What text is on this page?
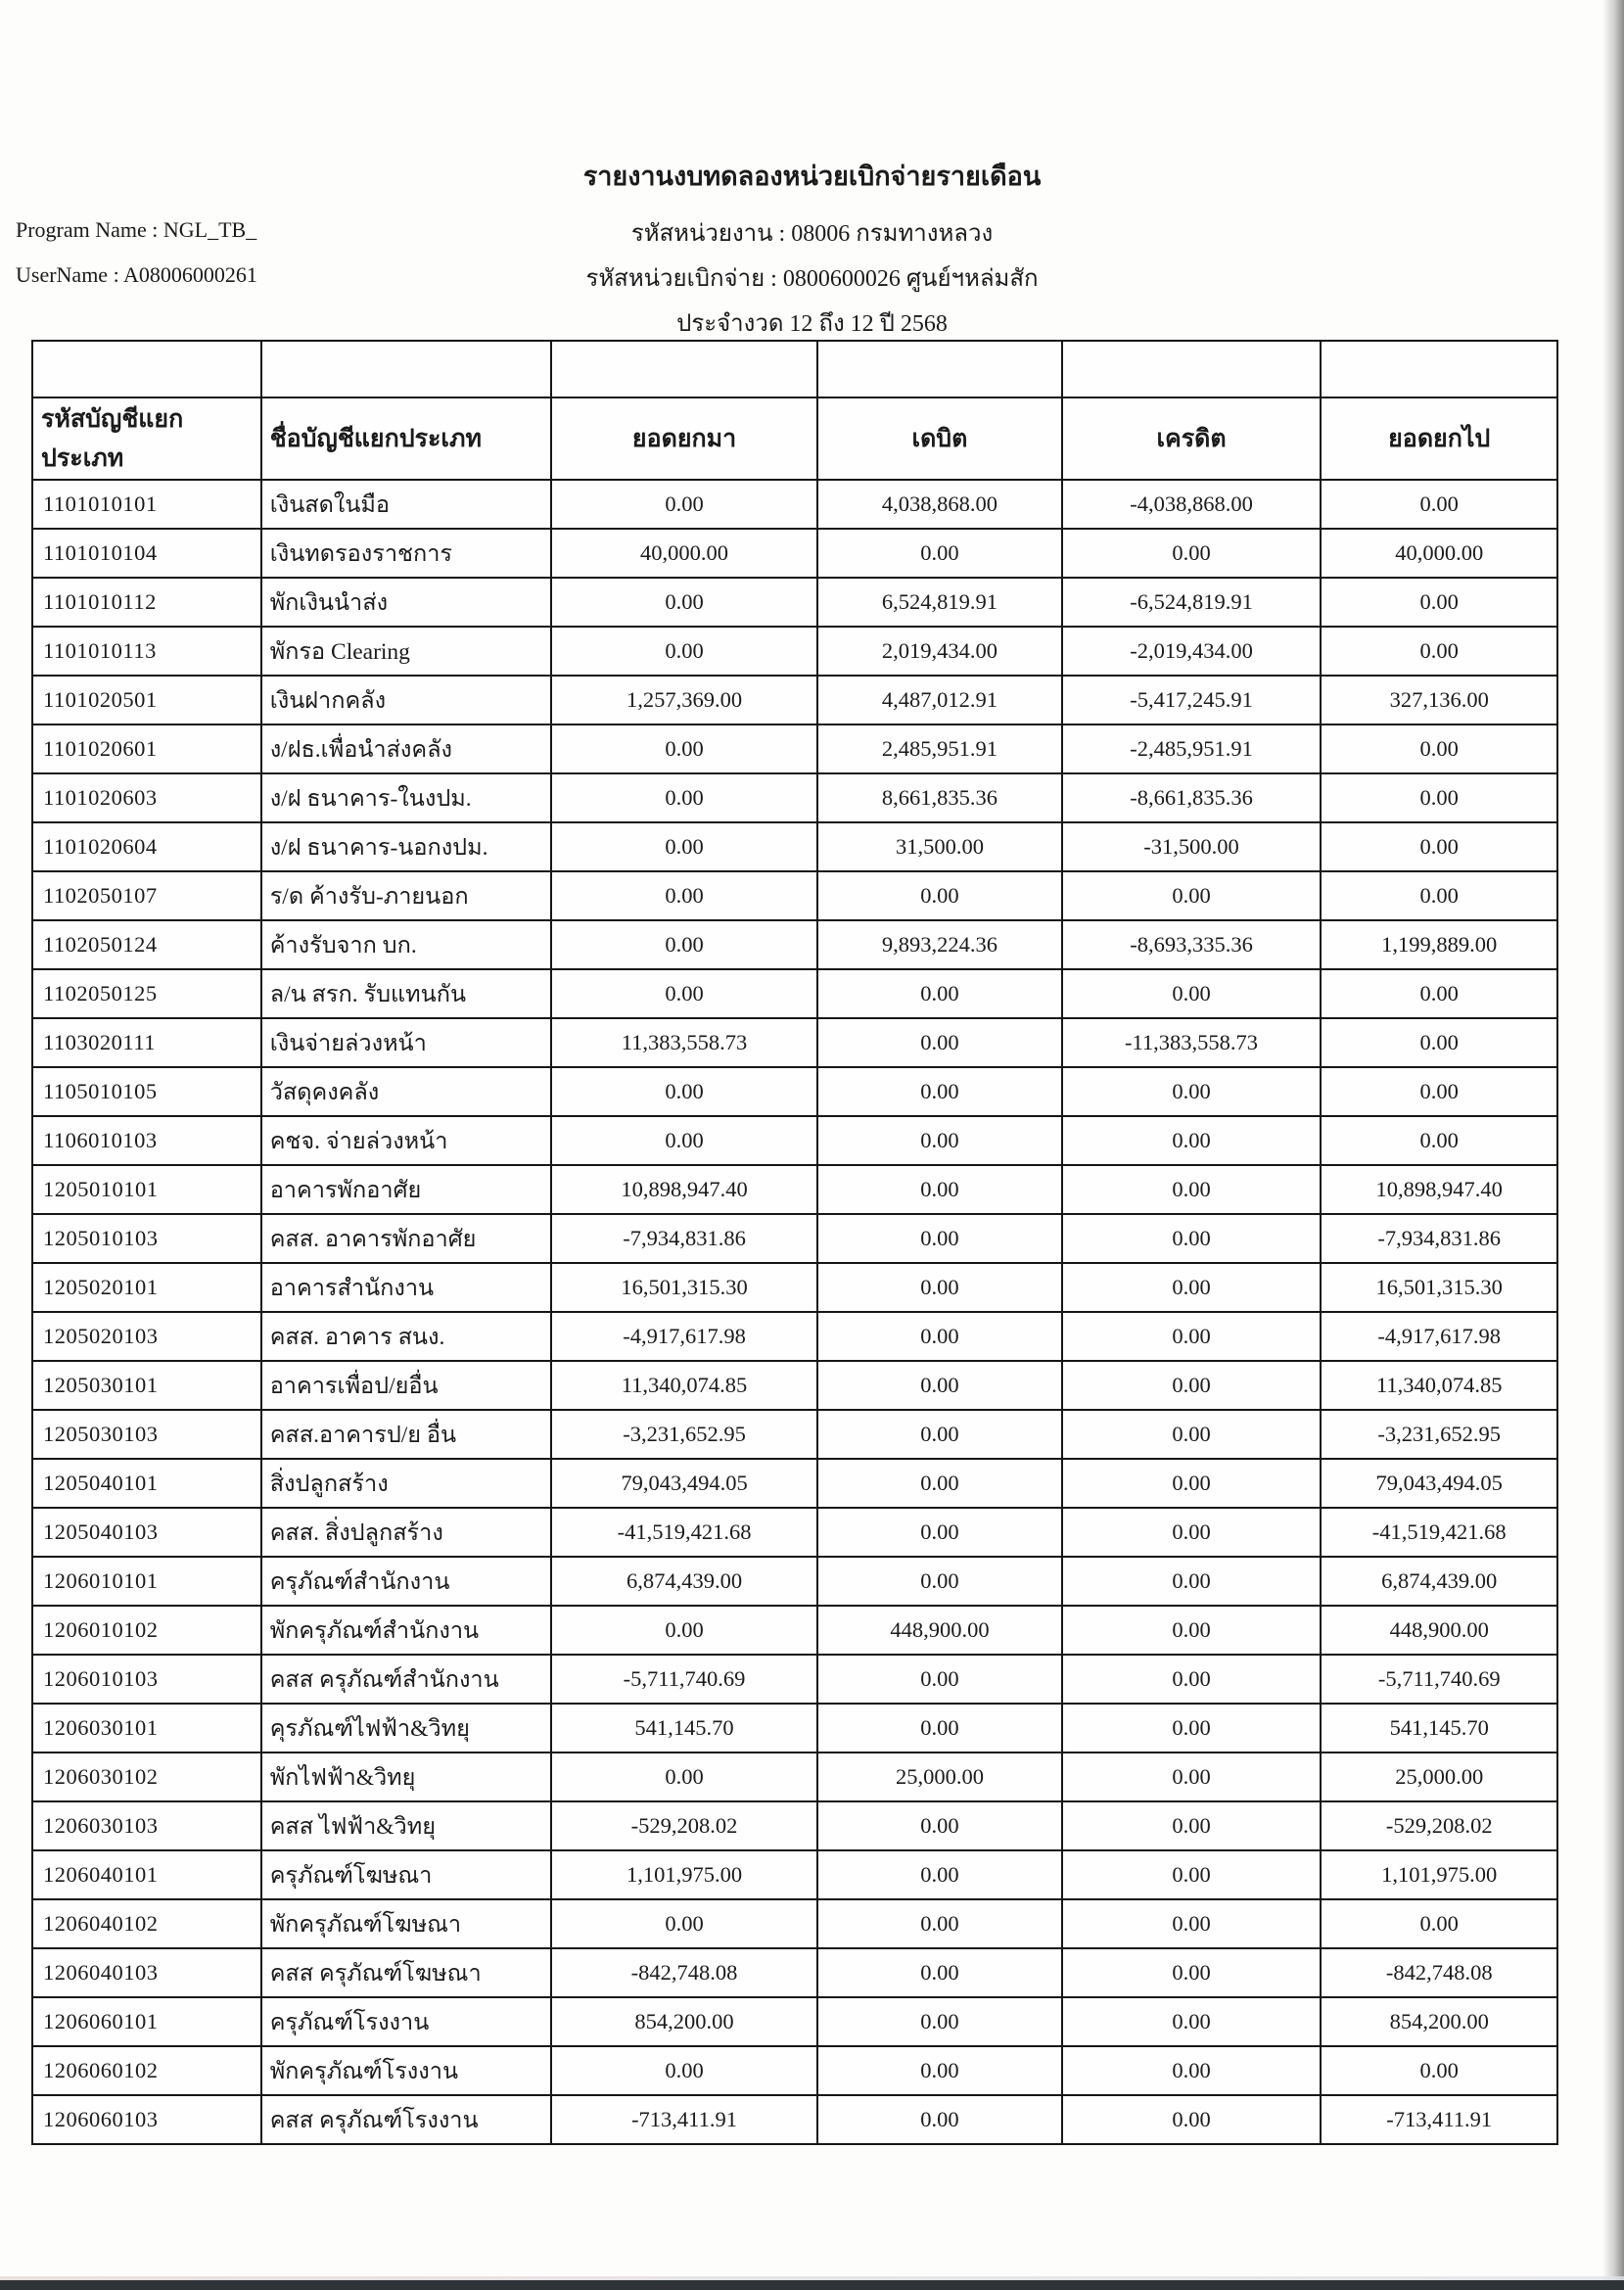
รายงานงบทดลองหน่วยเบิกจ่ายรายเดือน
Program Name : NGL_TB_	รหัสหน่วยงาน : 08006 กรมทางหลวง
UserName : A08006000261	รหัสหน่วยเบิกจ่าย : 0800600026 ศูนย์ฯหล่มสัก
ประจำงวด 12 ถึง 12 ปี 2568

รหัสบัญชีแยกประเภท	ชื่อบัญชีแยกประเภท	ยอดยกมา	เดบิต	เครดิต	ยอดยกไป
1101010101	เงินสดในมือ	0.00	4,038,868.00	-4,038,868.00	0.00
1101010104	เงินทดรองราชการ	40,000.00	0.00	0.00	40,000.00
1101010112	พักเงินนำส่ง	0.00	6,524,819.91	-6,524,819.91	0.00
1101010113	พักรอ Clearing	0.00	2,019,434.00	-2,019,434.00	0.00
1101020501	เงินฝากคลัง	1,257,369.00	4,487,012.91	-5,417,245.91	327,136.00
1101020601	ง/ฝธ.เพื่อนำส่งคลัง	0.00	2,485,951.91	-2,485,951.91	0.00
1101020603	ง/ฝ ธนาคาร-ในงปม.	0.00	8,661,835.36	-8,661,835.36	0.00
1101020604	ง/ฝ ธนาคาร-นอกงปม.	0.00	31,500.00	-31,500.00	0.00
1102050107	ร/ด ค้างรับ-ภายนอก	0.00	0.00	0.00	0.00
1102050124	ค้างรับจาก บก.	0.00	9,893,224.36	-8,693,335.36	1,199,889.00
1102050125	ล/น สรก. รับแทนกัน	0.00	0.00	0.00	0.00
1103020111	เงินจ่ายล่วงหน้า	11,383,558.73	0.00	-11,383,558.73	0.00
1105010105	วัสดุคงคลัง	0.00	0.00	0.00	0.00
1106010103	คชจ. จ่ายล่วงหน้า	0.00	0.00	0.00	0.00
1205010101	อาคารพักอาศัย	10,898,947.40	0.00	0.00	10,898,947.40
1205010103	คสส. อาคารพักอาศัย	-7,934,831.86	0.00	0.00	-7,934,831.86
1205020101	อาคารสำนักงาน	16,501,315.30	0.00	0.00	16,501,315.30
1205020103	คสส. อาคาร สนง.	-4,917,617.98	0.00	0.00	-4,917,617.98
1205030101	อาคารเพื่อป/ยอื่น	11,340,074.85	0.00	0.00	11,340,074.85
1205030103	คสส.อาคารป/ย อื่น	-3,231,652.95	0.00	0.00	-3,231,652.95
1205040101	สิ่งปลูกสร้าง	79,043,494.05	0.00	0.00	79,043,494.05
1205040103	คสส. สิ่งปลูกสร้าง	-41,519,421.68	0.00	0.00	-41,519,421.68
1206010101	ครุภัณฑ์สำนักงาน	6,874,439.00	0.00	0.00	6,874,439.00
1206010102	พักครุภัณฑ์สำนักงาน	0.00	448,900.00	0.00	448,900.00
1206010103	คสส ครุภัณฑ์สำนักงาน	-5,711,740.69	0.00	0.00	-5,711,740.69
1206030101	คุรภัณฑ์ไฟฟ้า&วิทยุ	541,145.70	0.00	0.00	541,145.70
1206030102	พักไฟฟ้า&วิทยุ	0.00	25,000.00	0.00	25,000.00
1206030103	คสส ไฟฟ้า&วิทยุ	-529,208.02	0.00	0.00	-529,208.02
1206040101	ครุภัณฑ์โฆษณา	1,101,975.00	0.00	0.00	1,101,975.00
1206040102	พักครุภัณฑ์โฆษณา	0.00	0.00	0.00	0.00
1206040103	คสส ครุภัณฑ์โฆษณา	-842,748.08	0.00	0.00	-842,748.08
1206060101	ครุภัณฑ์โรงงาน	854,200.00	0.00	0.00	854,200.00
1206060102	พักครุภัณฑ์โรงงาน	0.00	0.00	0.00	0.00
1206060103	คสส ครุภัณฑ์โรงงาน	-713,411.91	0.00	0.00	-713,411.91
